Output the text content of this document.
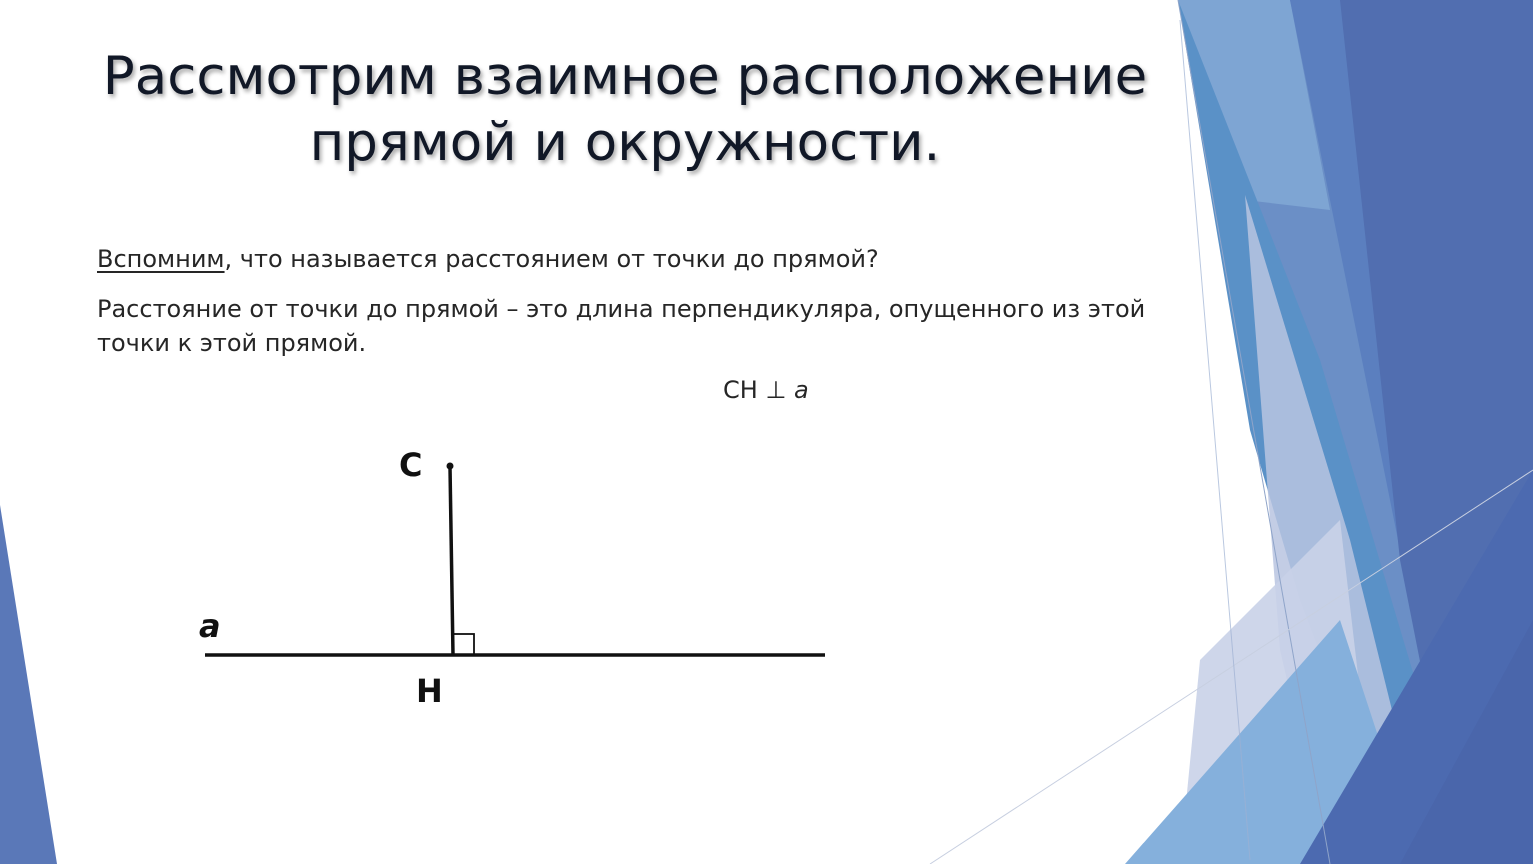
Рассмотрим взаимное расположение
прямой и окружности.
Вспомним, что называется расстоянием от точки до прямой?
Расстояние от точки до прямой – это длина перпендикуляра, опущенного из этой точки к этой прямой.
CH ⊥ a
C
H
a
